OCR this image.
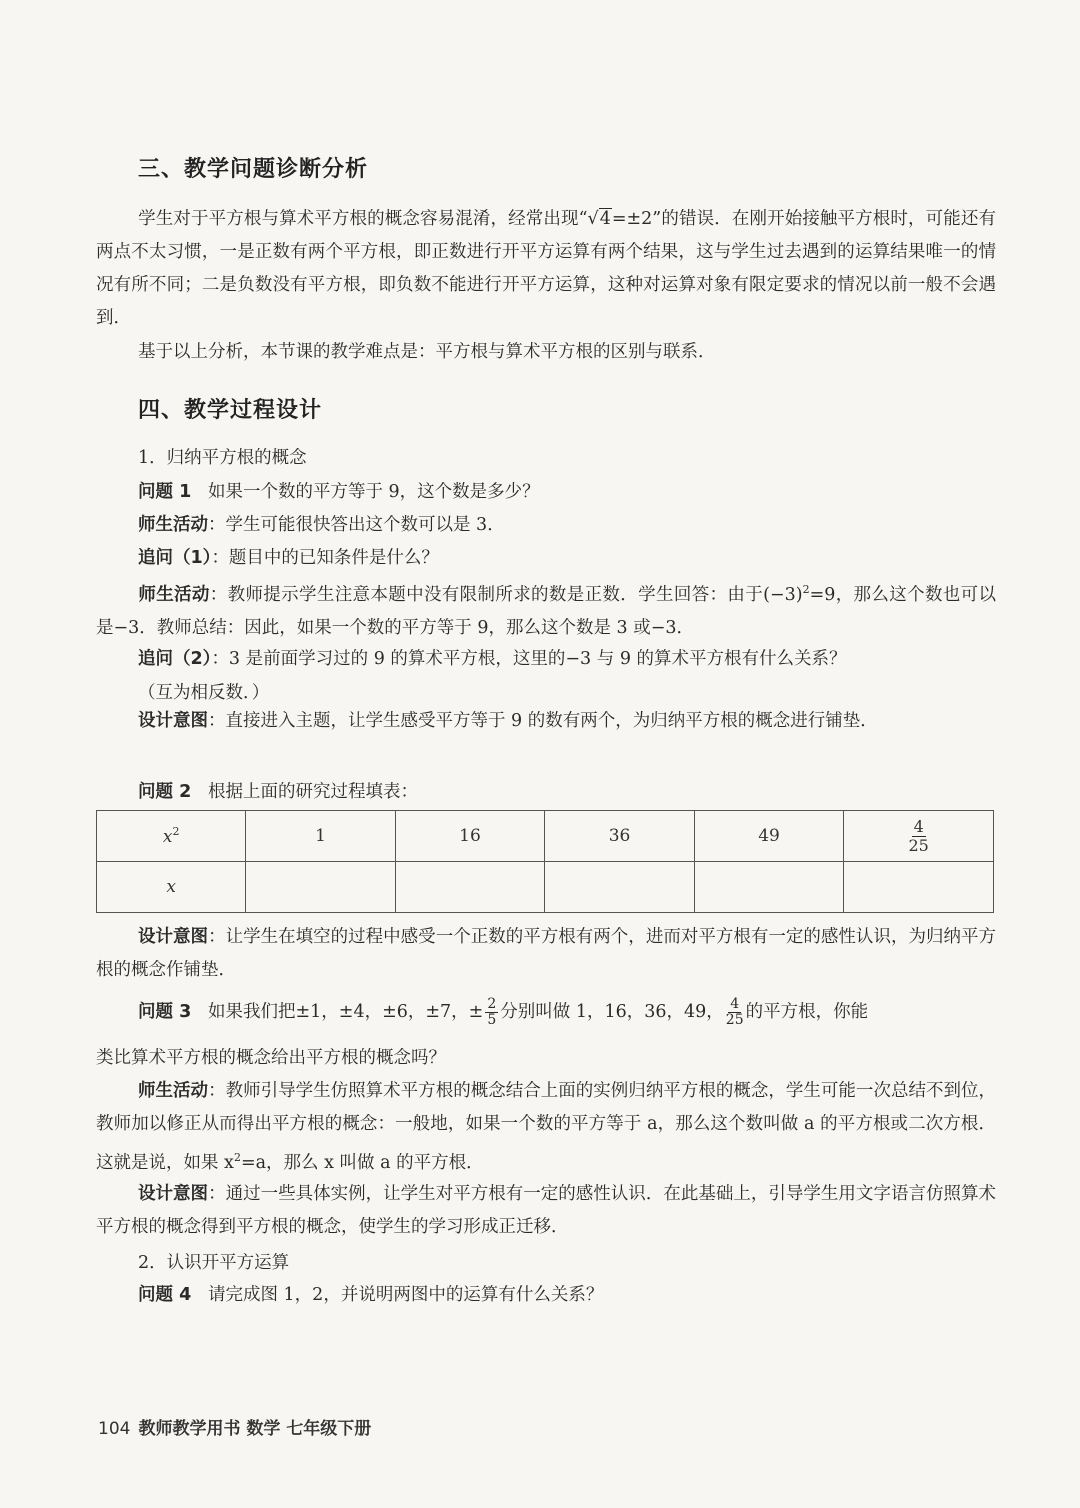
三、教学问题诊断分析

学生对于平方根与算术平方根的概念容易混淆，经常出现“√4=±2”的错误．在刚开始接触平方根时，可能还有两点不太习惯，一是正数有两个平方根，即正数进行开平方运算有两个结果，这与学生过去遇到的运算结果唯一的情况有所不同；二是负数没有平方根，即负数不能进行开平方运算，这种对运算对象有限定要求的情况以前一般不会遇到．

基于以上分析，本节课的教学难点是：平方根与算术平方根的区别与联系．

四、教学过程设计
1．归纳平方根的概念
问题 1 如果一个数的平方等于 9，这个数是多少？
师生活动：学生可能很快答出这个数可以是 3．
追问（1）：题目中的已知条件是什么？

师生活动：教师提示学生注意本题中没有限制所求的数是正数．学生回答：由于$(-3)^2=9$，那么这个数也可以是−3．教师总结：因此，如果一个数的平方等于 9，那么这个数是 3 或−3．

追问（2）：3 是前面学习过的 9 的算术平方根，这里的−3 与 9 的算术平方根有什么关系？
（互为相反数．）

设计意图：直接进入主题，让学生感受平方等于 9 的数有两个，为归纳平方根的概念进行铺垫．

问题 2 根据上面的研究过程填表：
$x^2$	1	16	36	49	$\frac{4}{25}$

x					

设计意图：让学生在填空的过程中感受一个正数的平方根有两个，进而对平方根有一定的感性认识，为归纳平方根的概念作铺垫．

问题 3 如果我们把±1，±4，±6，±7，± $\frac{2}{5}$ 分别叫做 1，16，36，49， $\frac{4}{25}$ 的平方根，你能
类比算术平方根的概念给出平方根的概念吗？

师生活动：教师引导学生仿照算术平方根的概念结合上面的实例归纳平方根的概念，学生可能一次总结不到位，教师加以修正从而得出平方根的概念：一般地，如果一个数的平方等于 a，那么这个数叫做 a 的平方根或二次方根．这就是说，如果 $x^2=a$，那么 x 叫做 a 的平方根．

设计意图：通过一些具体实例，让学生对平方根有一定的感性认识．在此基础上，引导学生用文字语言仿照算术平方根的概念得到平方根的概念，使学生的学习形成正迁移．

2．认识开平方运算
问题 4 请完成图 1，2，并说明两图中的运算有什么关系？
104 教师教学用书 数学 七年级下册
